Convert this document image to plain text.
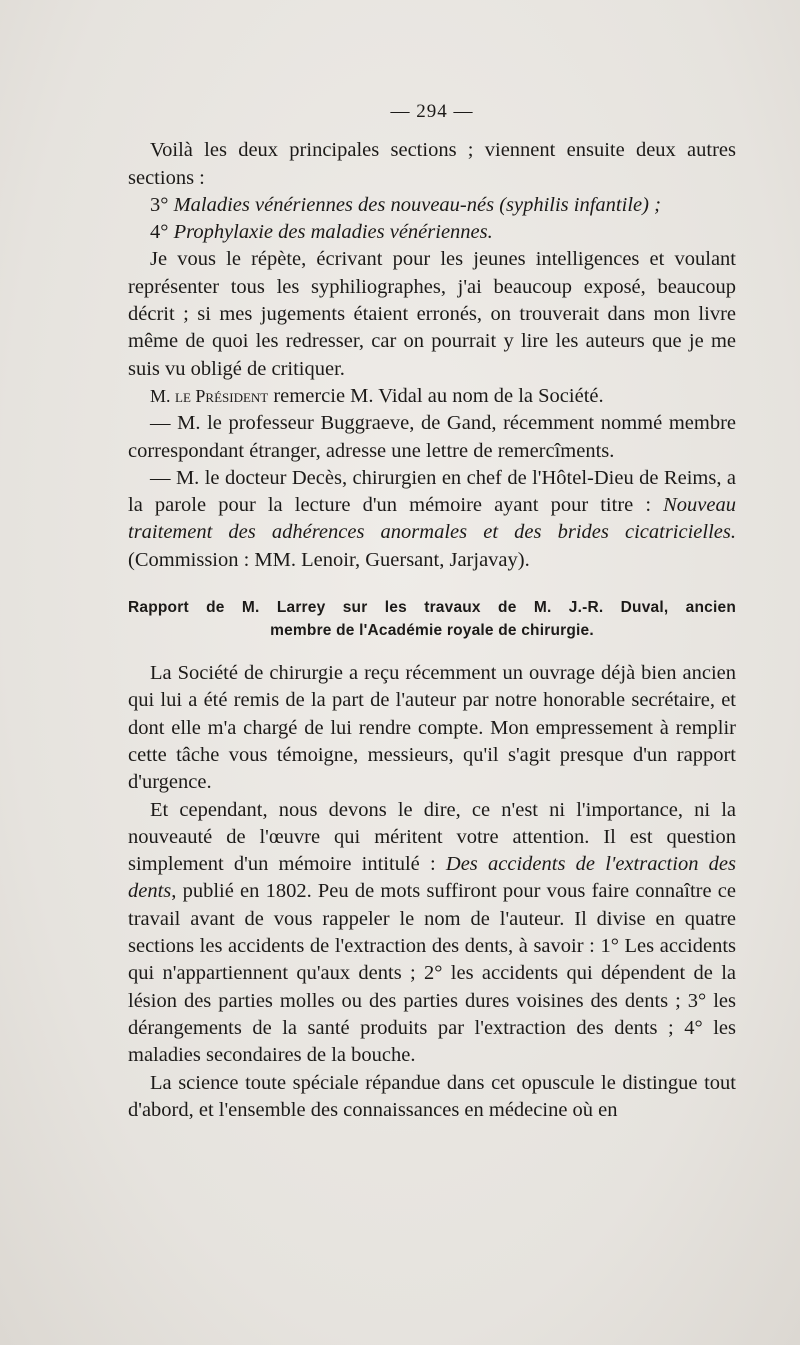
— 294 —

Voilà les deux principales sections ; viennent ensuite deux autres sections :

3° Maladies vénériennes des nouveau-nés (syphilis infantile) ;

4° Prophylaxie des maladies vénériennes.

Je vous le répète, écrivant pour les jeunes intelligences et voulant représenter tous les syphiliographes, j'ai beaucoup exposé, beaucoup décrit ; si mes jugements étaient erronés, on trouverait dans mon livre même de quoi les redresser, car on pourrait y lire les auteurs que je me suis vu obligé de critiquer.

M. le Président remercie M. Vidal au nom de la Société.

— M. le professeur Buggraeve, de Gand, récemment nommé membre correspondant étranger, adresse une lettre de remercîments.

— M. le docteur Decès, chirurgien en chef de l'Hôtel-Dieu de Reims, a la parole pour la lecture d'un mémoire ayant pour titre : Nouveau traitement des adhérences anormales et des brides cicatricielles. (Commission : MM. Lenoir, Guersant, Jarjavay).

Rapport de M. Larrey sur les travaux de M. J.-R. Duval, ancien
membre de l'Académie royale de chirurgie.

La Société de chirurgie a reçu récemment un ouvrage déjà bien ancien qui lui a été remis de la part de l'auteur par notre honorable secrétaire, et dont elle m'a chargé de lui rendre compte. Mon empressement à remplir cette tâche vous témoigne, messieurs, qu'il s'agit presque d'un rapport d'urgence.

Et cependant, nous devons le dire, ce n'est ni l'importance, ni la nouveauté de l'œuvre qui méritent votre attention. Il est question simplement d'un mémoire intitulé : Des accidents de l'extraction des dents, publié en 1802. Peu de mots suffiront pour vous faire connaître ce travail avant de vous rappeler le nom de l'auteur. Il divise en quatre sections les accidents de l'extraction des dents, à savoir : 1° Les accidents qui n'appartiennent qu'aux dents ; 2° les accidents qui dépendent de la lésion des parties molles ou des parties dures voisines des dents ; 3° les dérangements de la santé produits par l'extraction des dents ; 4° les maladies secondaires de la bouche.

La science toute spéciale répandue dans cet opuscule le distingue tout d'abord, et l'ensemble des connaissances en médecine où en
